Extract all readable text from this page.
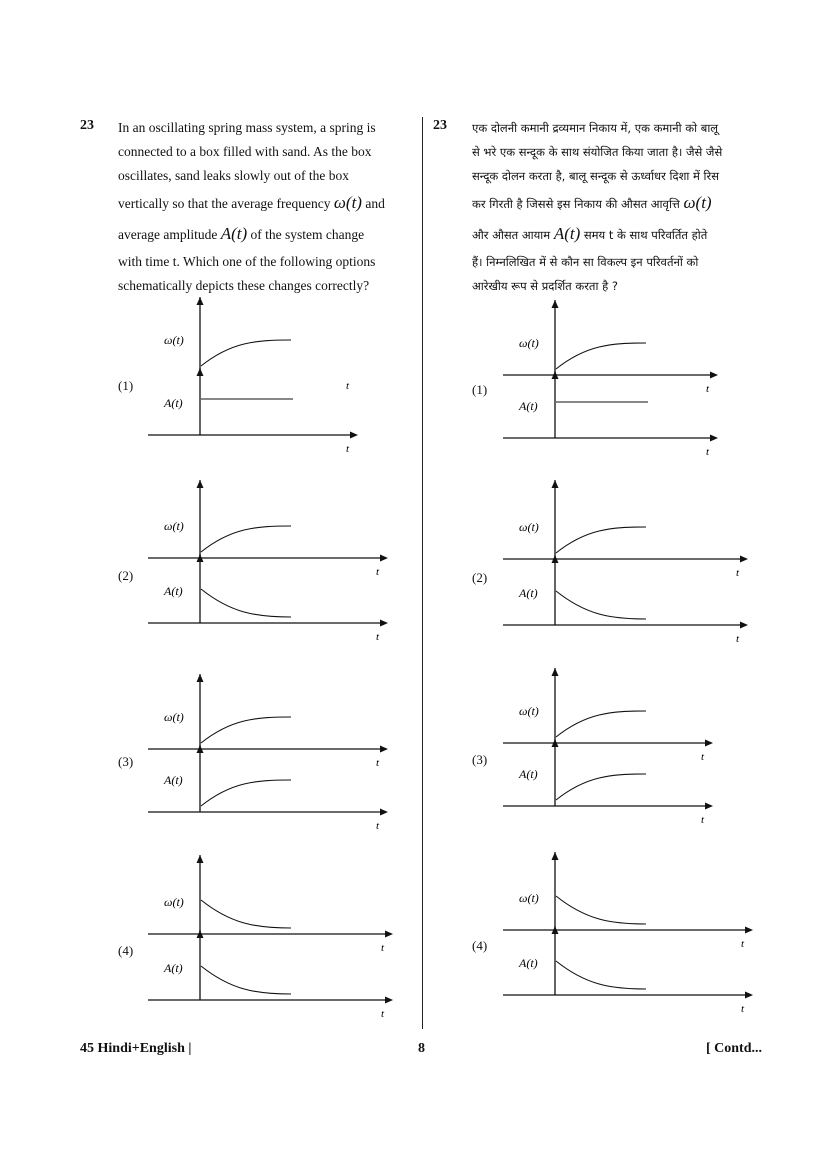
23	23
In an oscillating spring mass system, a spring is
connected to a box filled with sand. As the box
oscillates, sand leaks slowly out of the box
vertically so that the average frequency ω(t) and
average amplitude A(t) of the system change
with time t. Which one of the following options
schematically depicts these changes correctly?
एक दोलनी कमानी द्रव्यमान निकाय में, एक कमानी को बालू
से भरे एक सन्दूक के साथ संयोजित किया जाता है। जैसे जैसे
सन्दूक दोलन करता है, बालू सन्दूक से ऊर्ध्वाधर दिशा में रिस
कर गिरती है जिससे इस निकाय की औसत आवृत्ति ω(t)
और औसत आयाम A(t) समय t के साथ परिवर्तित होते
हैं। निम्नलिखित में से कौन सा विकल्प इन परिवर्तनों को
आरेखीय रूप से प्रदर्शित करता है ?
(1)
(2)
(3)
(4)
(1)
(2)
(3)
(4)
t
ω(t)
t
A(t)
t
ω(t)
t
A(t)
t
ω(t)
t
A(t)
t
ω(t)
t
A(t)
t
ω(t)
t
A(t)
t
ω(t)
t
A(t)
t
ω(t)
t
A(t)
t
ω(t)
t
A(t)
45 Hindi+English |	8	[ Contd...
